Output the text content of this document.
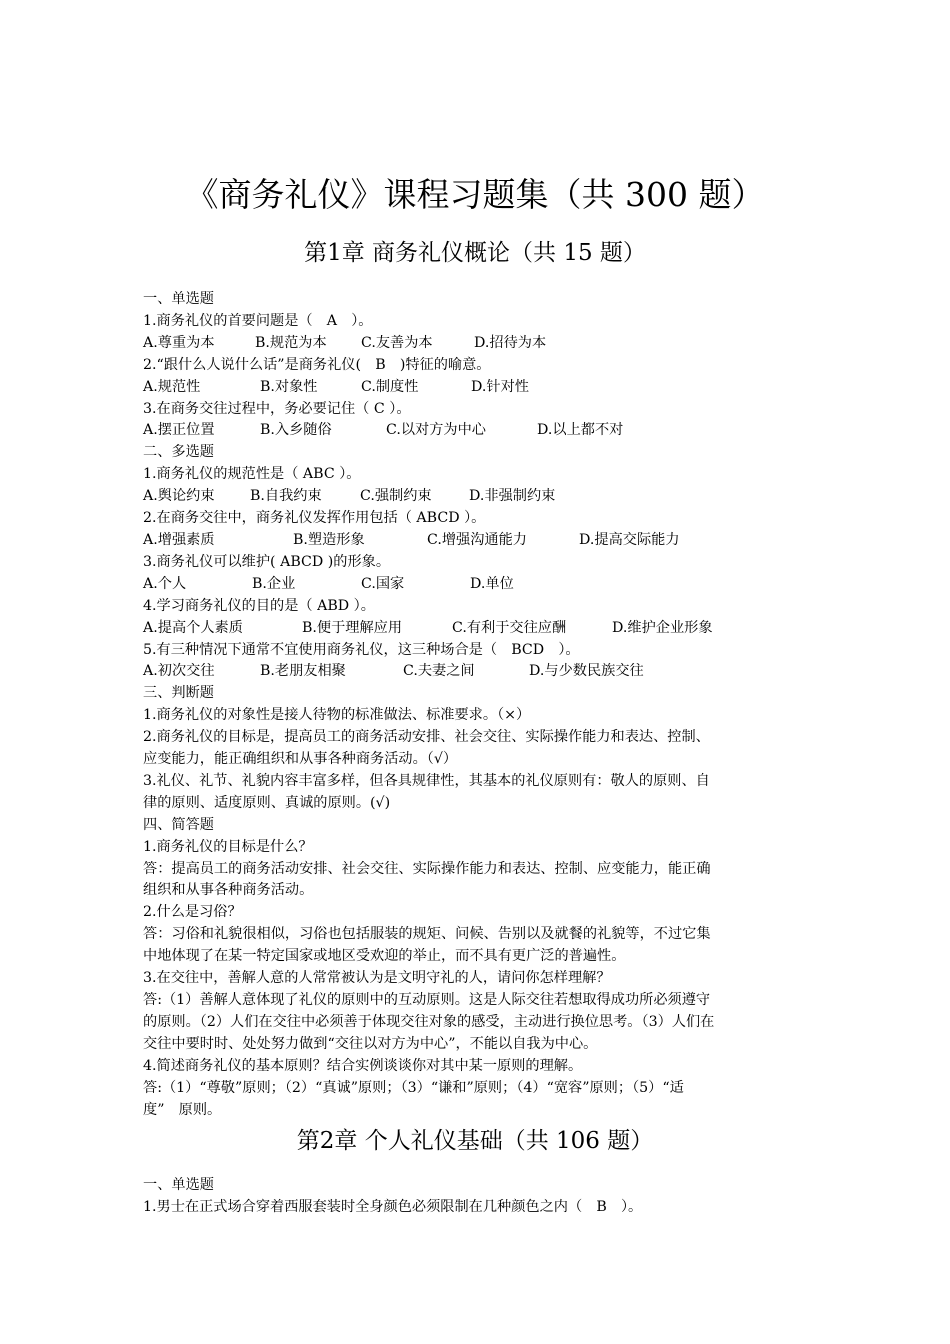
《商务礼仪》课程习题集（共 300 题）
第1章 商务礼仪概论（共 15 题）

一、单选题

1.商务礼仪的首要问题是（　A　）。

A.尊重为本	B.规范为本	C.友善为本	D.招待为本

2.“跟什么人说什么话”是商务礼仪(　B　)特征的喻意。

A.规范性	B.对象性	C.制度性	D.针对性

3.在商务交往过程中，务必要记住（ C ）。

A.摆正位置	B.入乡随俗	C.以对方为中心	D.以上都不对

二、多选题

1.商务礼仪的规范性是（ ABC ）。

A.舆论约束	B.自我约束	C.强制约束	D.非强制约束

2.在商务交往中，商务礼仪发挥作用包括（ ABCD ）。

A.增强素质	B.塑造形象	C.增强沟通能力	D.提高交际能力

3.商务礼仪可以维护( ABCD )的形象。

A.个人	B.企业	C.国家	D.单位

4.学习商务礼仪的目的是（ ABD ）。

A.提高个人素质	B.便于理解应用	C.有利于交往应酬	D.维护企业形象

5.有三种情况下通常不宜使用商务礼仪，这三种场合是（　BCD　）。

A.初次交往	B.老朋友相聚	C.夫妻之间	D.与少数民族交往

三、判断题

1.商务礼仪的对象性是接人待物的标准做法、标准要求。（×）

2.商务礼仪的目标是，提高员工的商务活动安排、社会交往、实际操作能力和表达、控制、

应变能力，能正确组织和从事各种商务活动。（√）

3.礼仪、礼节、礼貌内容丰富多样，但各具规律性，其基本的礼仪原则有：敬人的原则、自

律的原则、适度原则、真诚的原则。(√)

四、简答题

1.商务礼仪的目标是什么？

答：提高员工的商务活动安排、社会交往、实际操作能力和表达、控制、应变能力，能正确

组织和从事各种商务活动。

2.什么是习俗？

答：习俗和礼貌很相似，习俗也包括服装的规矩、问候、告别以及就餐的礼貌等，不过它集

中地体现了在某一特定国家或地区受欢迎的举止，而不具有更广泛的普遍性。

3.在交往中，善解人意的人常常被认为是文明守礼的人，请问你怎样理解？

答:（1）善解人意体现了礼仪的原则中的互动原则。这是人际交往若想取得成功所必须遵守

的原则。（2）人们在交往中必须善于体现交往对象的感受，主动进行换位思考。（3）人们在

交往中要时时、处处努力做到“交往以对方为中心”，不能以自我为中心。

4.简述商务礼仪的基本原则？结合实例谈谈你对其中某一原则的理解。

答:（1）“尊敬”原则；（2）“真诚”原则；（3）“谦和”原则；（4）“宽容”原则；（5）“适

度”　原则。

第2章 个人礼仪基础（共 106 题）

一、单选题

1.男士在正式场合穿着西服套装时全身颜色必须限制在几种颜色之内（　B　）。
